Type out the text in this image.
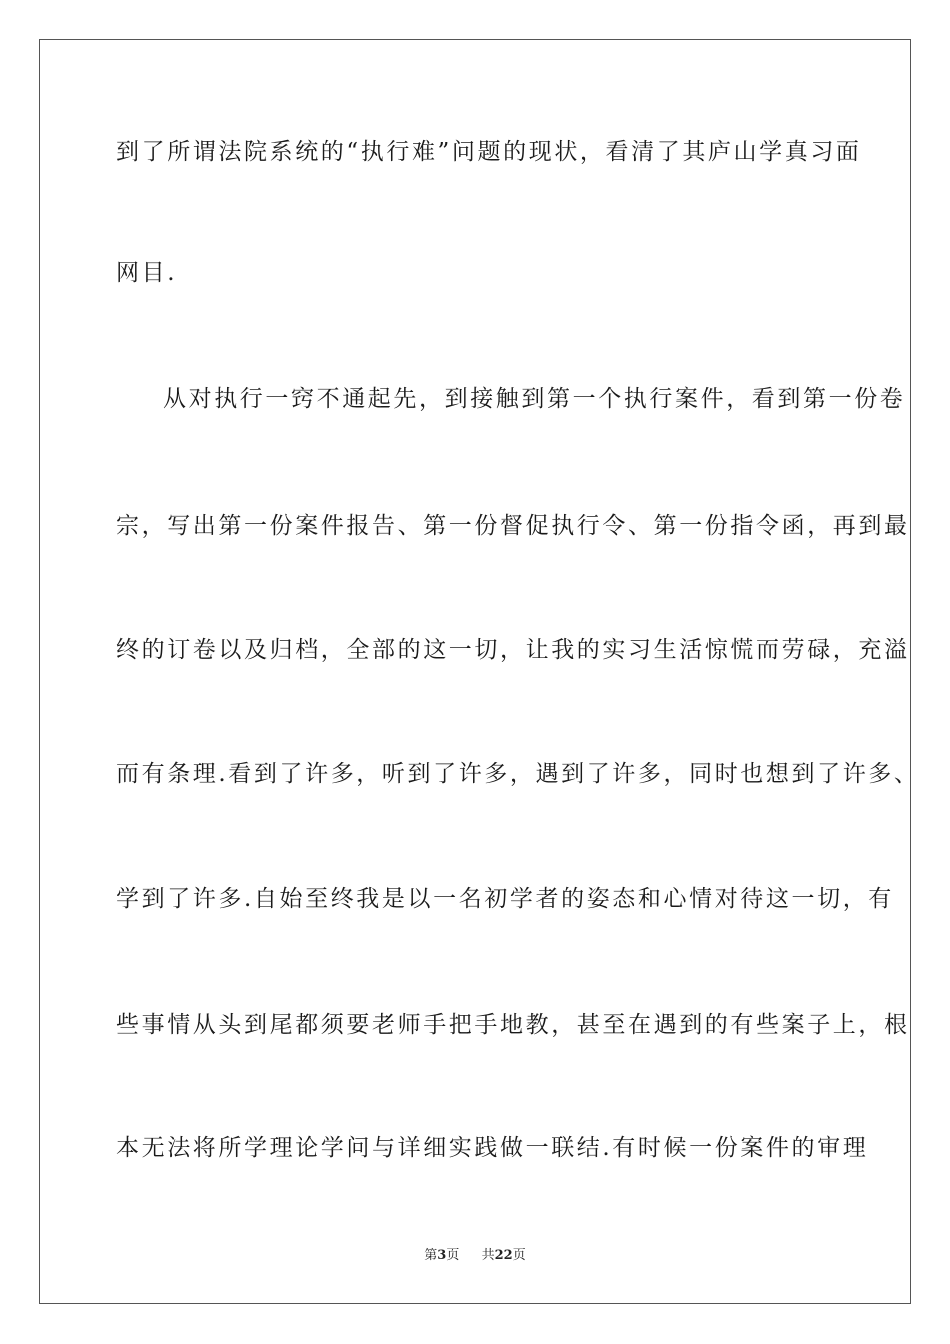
到了所谓法院系统的“执行难”问题的现状，看清了其庐山学真习面
网目.
从对执行一窍不通起先，到接触到第一个执行案件，看到第一份卷
宗，写出第一份案件报告、第一份督促执行令、第一份指令函，再到最
终的订卷以及归档，全部的这一切，让我的实习生活惊慌而劳碌，充溢
而有条理.看到了许多，听到了许多，遇到了许多，同时也想到了许多、
学到了许多.自始至终我是以一名初学者的姿态和心情对待这一切，有
些事情从头到尾都须要老师手把手地教，甚至在遇到的有些案子上，根
本无法将所学理论学问与详细实践做一联结.有时候一份案件的审理
第3页 共22页
